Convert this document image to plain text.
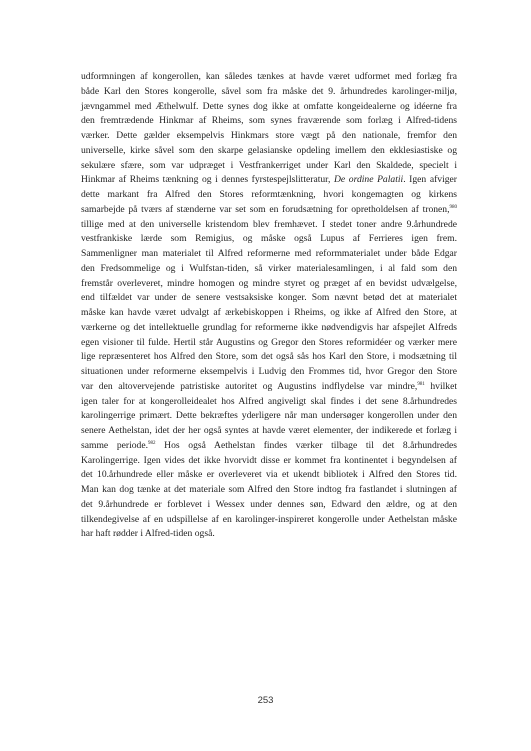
udformningen af kongerollen, kan således tænkes at havde været udformet med forlæg fra
både Karl den Stores kongerolle, såvel som fra måske det 9. århundredes karolinger-miljø,
jævngammel med Æthelwulf. Dette synes dog ikke at omfatte kongeidealerne og idéerne fra
den fremtrædende Hinkmar af Rheims, som synes fraværende som forlæg i Alfred-tidens
værker. Dette gælder eksempelvis Hinkmars store vægt på den nationale, fremfor den
universelle, kirke såvel som den skarpe gelasianske opdeling imellem den ekklesiastiske og
sekulære sfære, som var udpræget i Vestfrankerriget under Karl den Skaldede, specielt i
Hinkmar af Rheims tænkning og i dennes fyrstespejlslitteratur, De ordine Palatii. Igen afviger
dette markant fra Alfred den Stores reformtænkning, hvori kongemagten og kirkens
samarbejde på tværs af stænderne var set som en forudsætning for opretholdelsen af tronen,$^{980}$
tillige med at den universelle kristendom blev fremhævet. I stedet toner andre 9.århundrede
vestfrankiske lærde som Remigius, og måske også Lupus af Ferrieres igen frem.
Sammenligner man materialet til Alfred reformerne med reformmaterialet under både Edgar
den Fredsommelige og i Wulfstan-tiden, så virker materialesamlingen, i al fald som den
fremstår overleveret, mindre homogen og mindre styret og præget af en bevidst udvælgelse,
end tilfældet var under de senere vestsaksiske konger. Som nævnt betød det at materialet
måske kan havde været udvalgt af ærkebiskoppen i Rheims, og ikke af Alfred den Store, at
værkerne og det intellektuelle grundlag for reformerne ikke nødvendigvis har afspejlet Alfreds
egen visioner til fulde. Hertil står Augustins og Gregor den Stores reformidéer og værker mere
lige repræsenteret hos Alfred den Store, som det også sås hos Karl den Store, i modsætning til
situationen under reformerne eksempelvis i Ludvig den Frommes tid, hvor Gregor den Store
var den altovervejende patristiske autoritet og Augustins indflydelse var mindre,$^{981}$ hvilket
igen taler for at kongerolleidealet hos Alfred angiveligt skal findes i det sene 8.århundredes
karolingerrige primært. Dette bekræftes yderligere når man undersøger kongerollen under den
senere Aethelstan, idet der her også syntes at havde været elementer, der indikerede et forlæg i
samme periode.$^{982}$ Hos også Aethelstan findes værker tilbage til det 8.århundredes
Karolingerrige. Igen vides det ikke hvorvidt disse er kommet fra kontinentet i begyndelsen af
det 10.århundrede eller måske er overleveret via et ukendt bibliotek i Alfred den Stores tid.
Man kan dog tænke at det materiale som Alfred den Store indtog fra fastlandet i slutningen af
det 9.århundrede er forblevet i Wessex under dennes søn, Edward den ældre, og at den
tilkendegivelse af en udspillelse af en karolinger-inspireret kongerolle under Aethelstan måske
har haft rødder i Alfred-tiden også.
253
